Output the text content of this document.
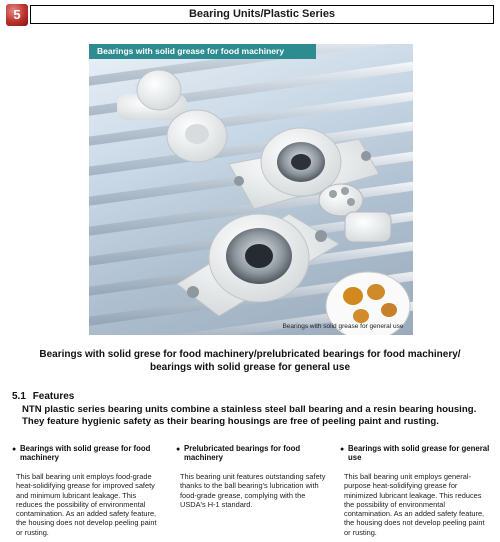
5	Bearing Units/Plastic Series
Bearings with solid grease for food machinery
Bearings with solid grease for general use
Bearings with solid grese for food machinery/prelubricated bearings for food machinery/
bearings with solid grease for general use
5.1 Features
NTN plastic series bearing units combine a stainless steel ball bearing and a resin bearing housing. They feature hygienic safety as their bearing housings are free of peeling paint and rusting.
● Bearings with solid grease for food machinery
This ball bearing unit employs food-grade heat-solidifying grease for improved safety and minimum lubricant leakage. This reduces the possibility of environmental contamination. As an added safety feature, the housing does not develop peeling paint or rusting.
● Prelubricated bearings for food machinery
This bearing unit features outstanding safety thanks to the ball bearing's lubrication with food-grade grease, complying with the USDA's H-1 standard.
● Bearings with solid grease for general use
This ball bearing unit employs general-purpose heat-solidifying grease for minimized lubricant leakage. This reduces the possibility of environmental contamination. As an added safety feature, the housing does not develop peeling paint or rusting.
